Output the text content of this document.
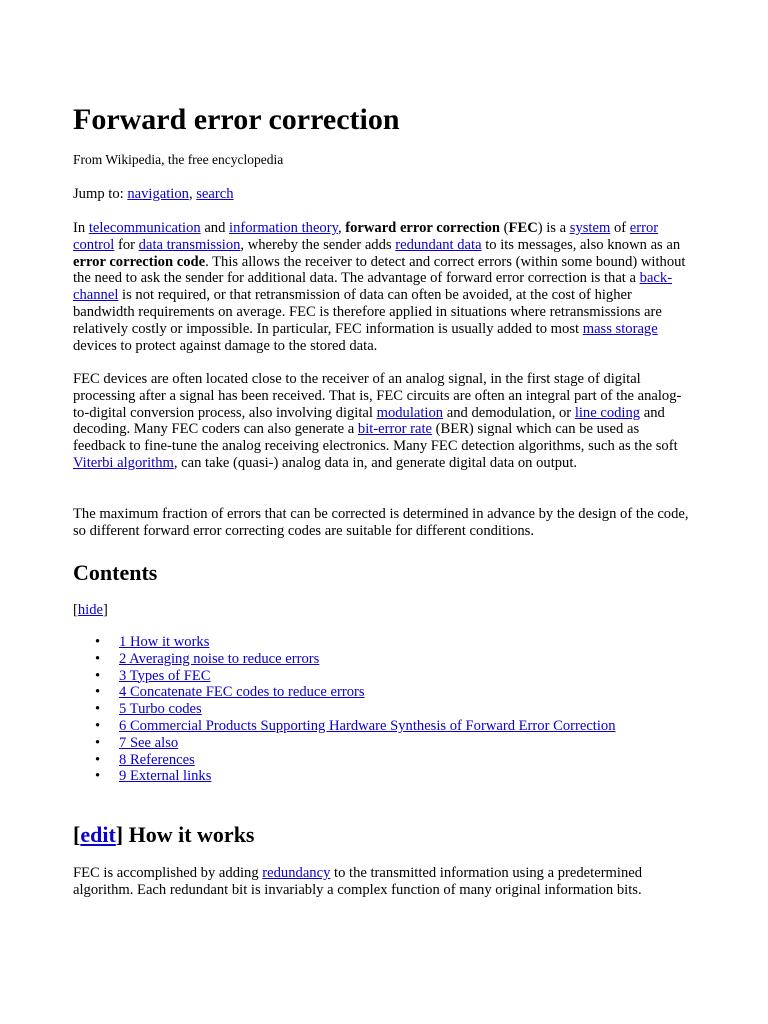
Forward error correction

From Wikipedia, the free encyclopedia

Jump to: navigation, search

In telecommunication and information theory, forward error correction (FEC) is a system of error control for data transmission, whereby the sender adds redundant data to its messages, also known as an error correction code. This allows the receiver to detect and correct errors (within some bound) without the need to ask the sender for additional data. The advantage of forward error correction is that a back-channel is not required, or that retransmission of data can often be avoided, at the cost of higher bandwidth requirements on average. FEC is therefore applied in situations where retransmissions are relatively costly or impossible. In particular, FEC information is usually added to most mass storage devices to protect against damage to the stored data.

FEC devices are often located close to the receiver of an analog signal, in the first stage of digital processing after a signal has been received. That is, FEC circuits are often an integral part of the analog-to-digital conversion process, also involving digital modulation and demodulation, or line coding and decoding. Many FEC coders can also generate a bit-error rate (BER) signal which can be used as feedback to fine-tune the analog receiving electronics. Many FEC detection algorithms, such as the soft Viterbi algorithm, can take (quasi-) analog data in, and generate digital data on output.

The maximum fraction of errors that can be corrected is determined in advance by the design of the code, so different forward error correcting codes are suitable for different conditions.

Contents

[hide]

• 1 How it works
• 2 Averaging noise to reduce errors
• 3 Types of FEC
• 4 Concatenate FEC codes to reduce errors
• 5 Turbo codes
• 6 Commercial Products Supporting Hardware Synthesis of Forward Error Correction
• 7 See also
• 8 References
• 9 External links
[edit] How it works

FEC is accomplished by adding redundancy to the transmitted information using a predetermined algorithm. Each redundant bit is invariably a complex function of many original information bits.
